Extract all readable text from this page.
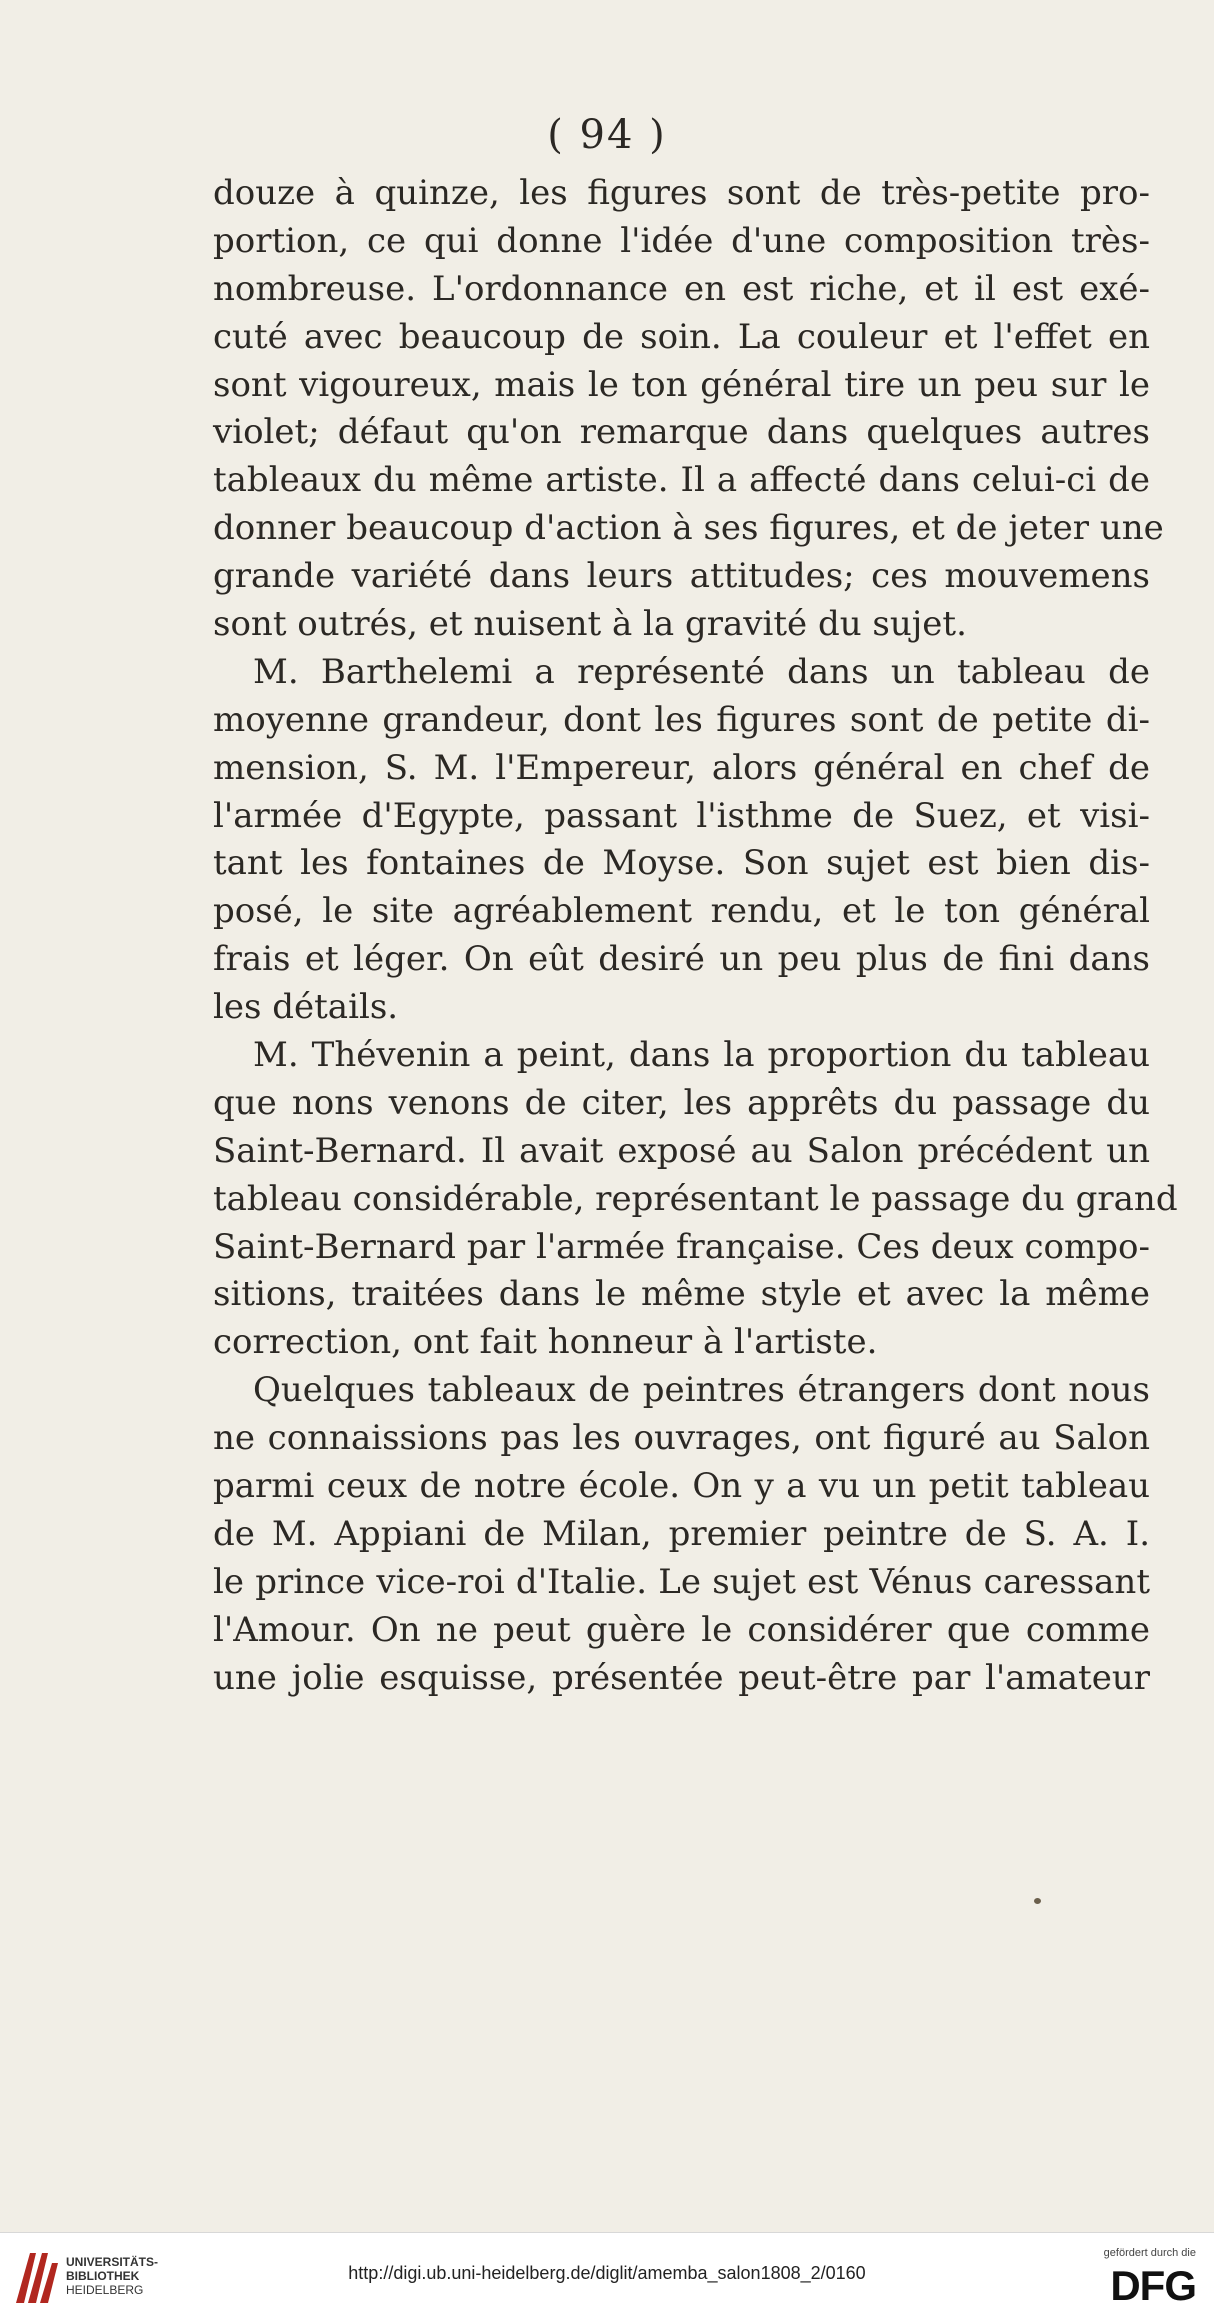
( 94 )
douze à quinze, les figures sont de très-petite pro-
portion, ce qui donne l'idée d'une composition très-
nombreuse. L'ordonnance en est riche, et il est exé-
cuté avec beaucoup de soin. La couleur et l'effet en
sont vigoureux, mais le ton général tire un peu sur le
violet; défaut qu'on remarque dans quelques autres
tableaux du même artiste. Il a affecté dans celui-ci de
donner beaucoup d'action à ses figures, et de jeter une
grande variété dans leurs attitudes; ces mouvemens
sont outrés, et nuisent à la gravité du sujet.
M. Barthelemi a représenté dans un tableau de
moyenne grandeur, dont les figures sont de petite di-
mension, S. M. l'Empereur, alors général en chef de
l'armée d'Egypte, passant l'isthme de Suez, et visi-
tant les fontaines de Moyse. Son sujet est bien dis-
posé, le site agréablement rendu, et le ton général
frais et léger. On eût desiré un peu plus de fini dans
les détails.
M. Thévenin a peint, dans la proportion du tableau
que nons venons de citer, les apprêts du passage du
Saint-Bernard. Il avait exposé au Salon précédent un
tableau considérable, représentant le passage du grand
Saint-Bernard par l'armée française. Ces deux compo-
sitions, traitées dans le même style et avec la même
correction, ont fait honneur à l'artiste.
Quelques tableaux de peintres étrangers dont nous
ne connaissions pas les ouvrages, ont figuré au Salon
parmi ceux de notre école. On y a vu un petit tableau
de M. Appiani de Milan, premier peintre de S. A. I.
le prince vice-roi d'Italie. Le sujet est Vénus caressant
l'Amour. On ne peut guère le considérer que comme
une jolie esquisse, présentée peut-être par l'amateur
UNIVERSITÄTS-
BIBLIOTHEK
HEIDELBERG
http://digi.ub.uni-heidelberg.de/diglit/amemba_salon1808_2/0160
gefördert durch die
DFG
